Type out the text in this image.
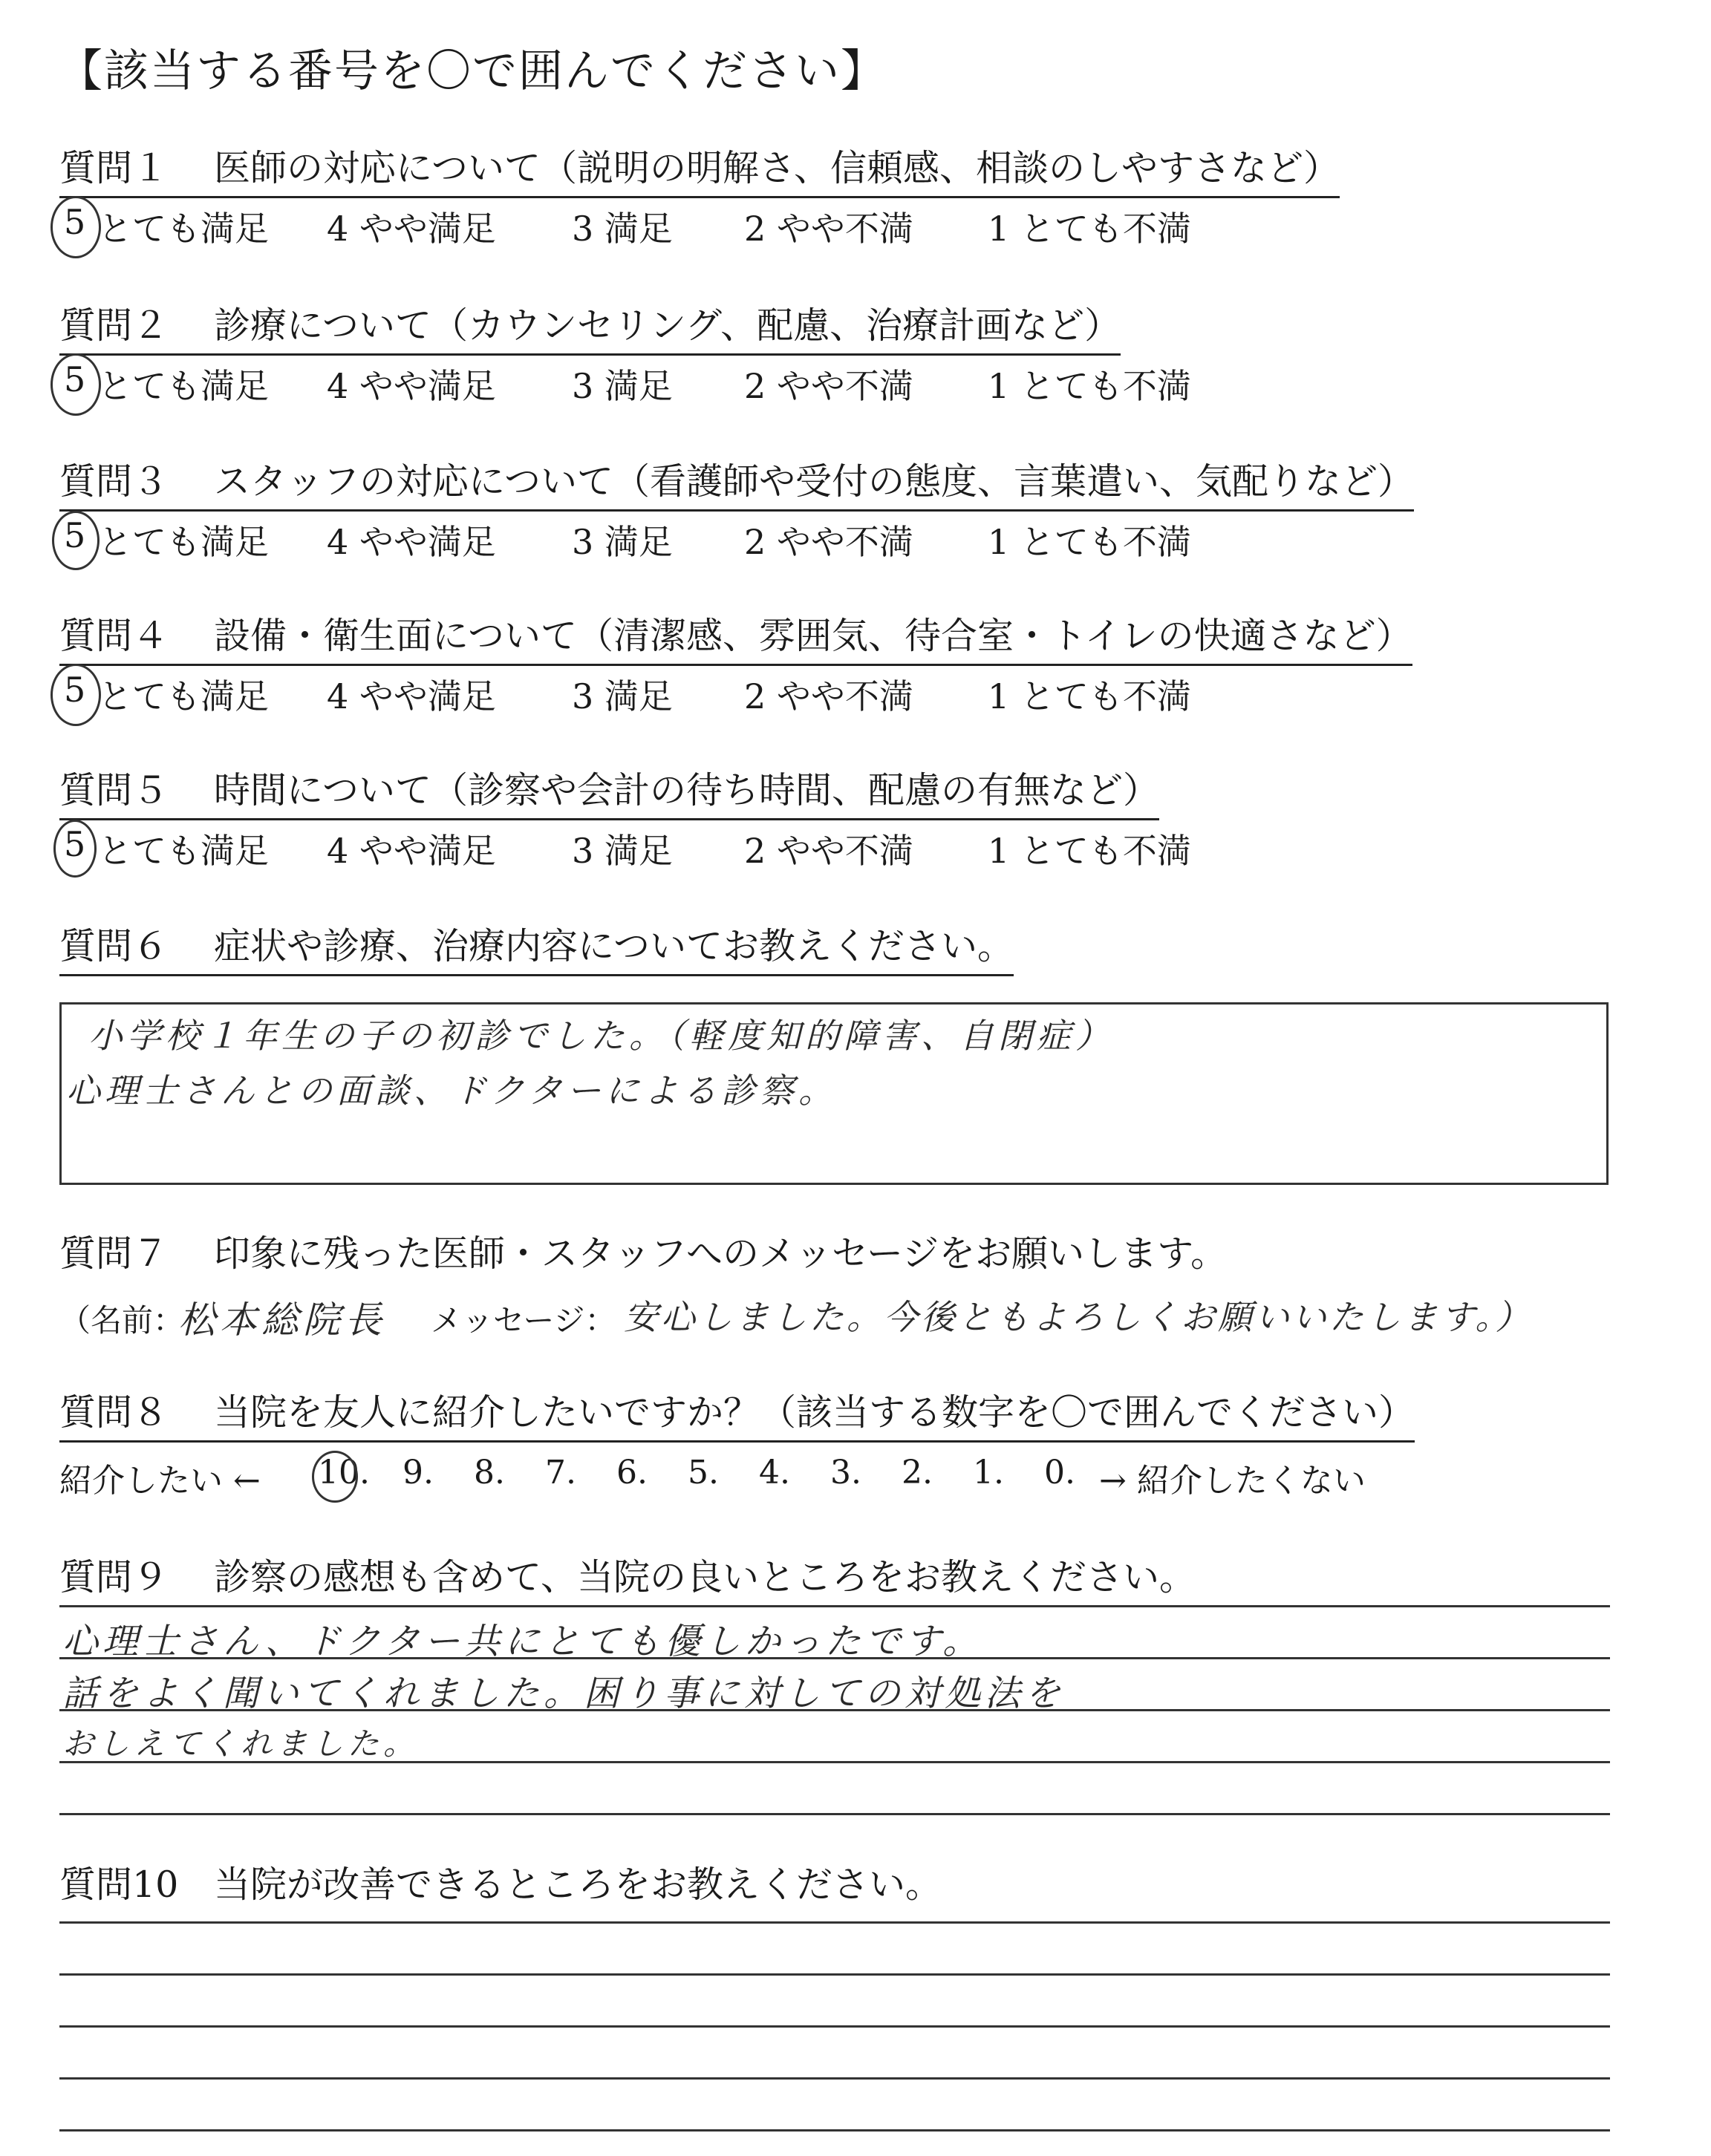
【該当する番号を〇で囲んでください】
質問１ 医師の対応について（説明の明解さ、信頼感、相談のしやすさなど）
5 とても満足 4 やや満足 3 満足 2 やや不満 1 とても不満
質問２ 診療について（カウンセリング、配慮、治療計画など）
5 とても満足 4 やや満足 3 満足 2 やや不満 1 とても不満
質問３ スタッフの対応について（看護師や受付の態度、言葉遣い、気配りなど）
5 とても満足 4 やや満足 3 満足 2 やや不満 1 とても不満
質問４ 設備・衛生面について（清潔感、雰囲気、待合室・トイレの快適さなど）
5 とても満足 4 やや満足 3 満足 2 やや不満 1 とても不満
質問５ 時間について（診察や会計の待ち時間、配慮の有無など）
5 とても満足 4 やや満足 3 満足 2 やや不満 1 とても不満
質問６ 症状や診療、治療内容についてお教えください。
小学校１年生の子の初診でした。（軽度知的障害、自閉症）
心理士さんとの面談、ドクターによる診察。
質問７ 印象に残った医師・スタッフへのメッセージをお願いします。
（名前：
松本総院長 メッセージ： 安心しました。今後ともよろしくお願いいたします。）
質問８ 当院を友人に紹介したいですか？（該当する数字を〇で囲んでください）
紹介したい ← 10. 9. 8. 7. 6. 5. 4. 3. 2. 1. 0. → 紹介したくない
質問９ 診察の感想も含めて、当院の良いところをお教えください。
心理士さん、ドクター共にとても優しかったです。
話をよく聞いてくれました。困り事に対しての対処法を
おしえてくれました。
質問10 当院が改善できるところをお教えください。
